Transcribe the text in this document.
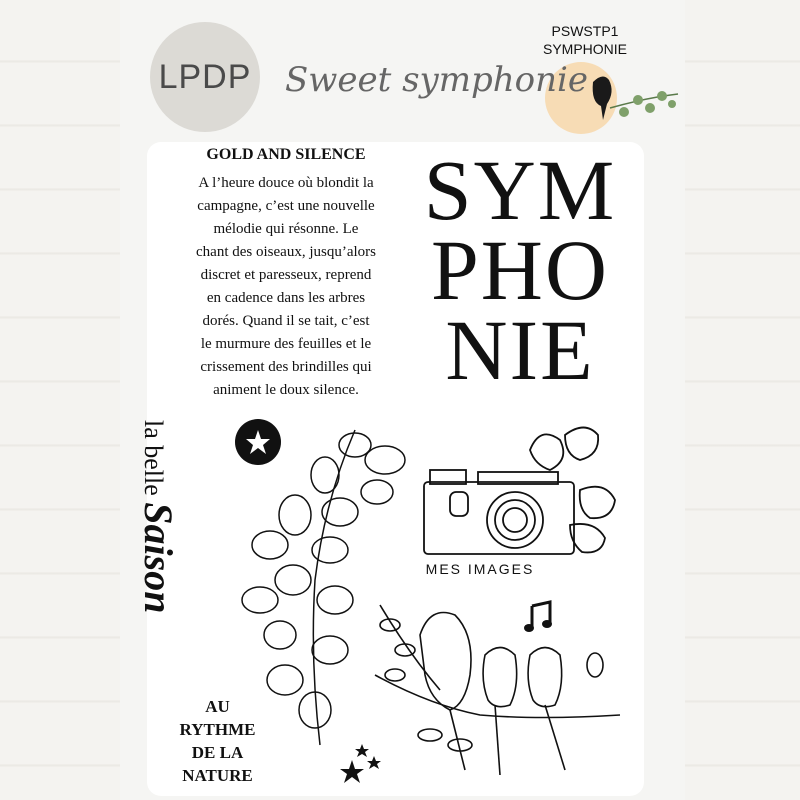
LPDP Sweet symphonie
PSWSTP1
SYMPHONIE
GOLD AND SILENCE
A l’heure douce où blondit la
campagne, c’est une nouvelle
mélodie qui résonne. Le
chant des oiseaux, jusqu’alors
discret et paresseux, reprend
en cadence dans les arbres
dorés. Quand il se tait, c’est
le murmure des feuilles et le
crissement des brindilles qui
animent le doux silence.
SYM
PHO
NIE
la belle Saison	MES IMAGES
AU
RYTHME
DE LA
NATURE
